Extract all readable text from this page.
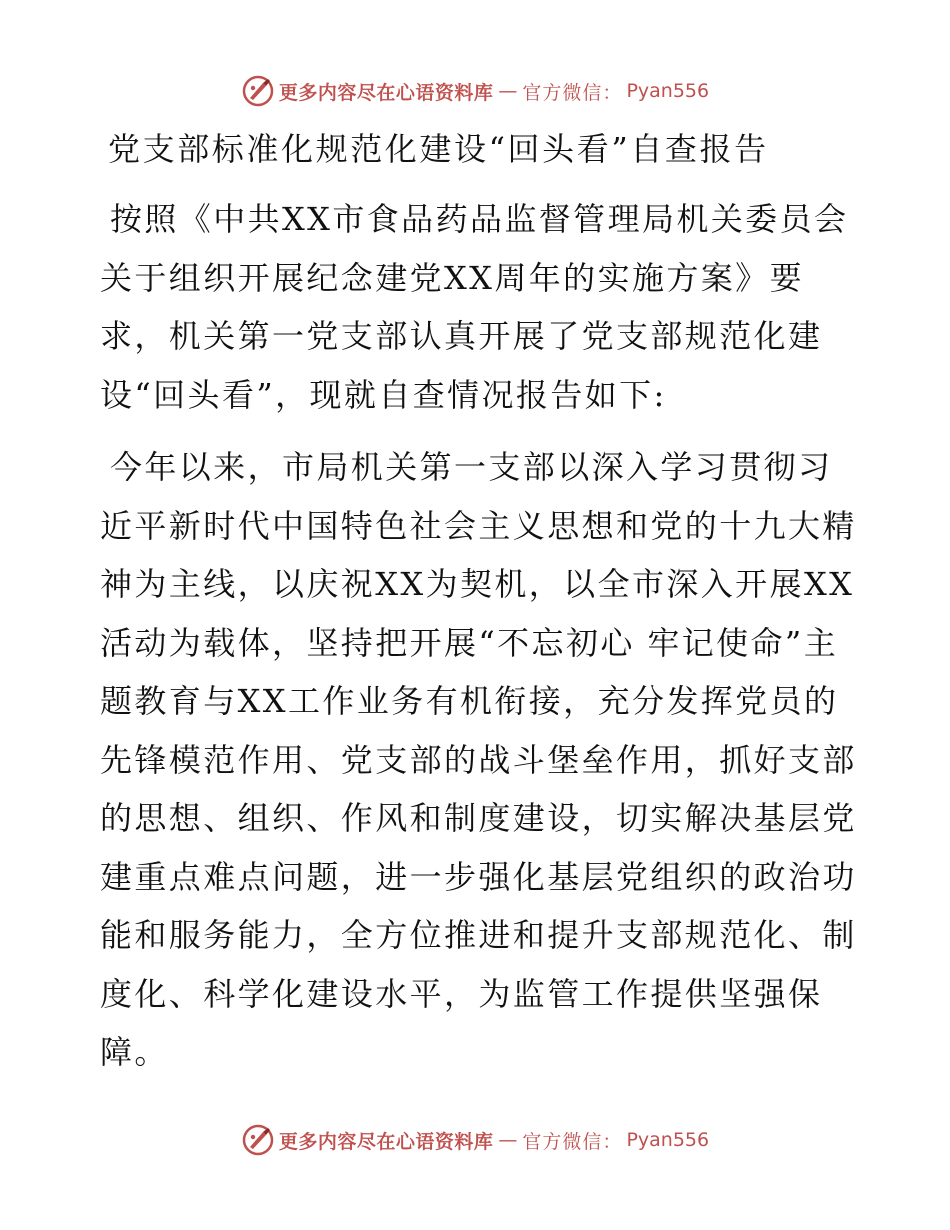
更多内容尽在心语资料库 — 官方微信： Pyan556
党支部标准化规范化建设“回头看”自查报告

按照《中共XX市食品药品监督管理局机关委员会关于组织开展纪念建党XX周年的实施方案》要求，机关第一党支部认真开展了党支部规范化建设“回头看”，现就自查情况报告如下:

今年以来，市局机关第一支部以深入学习贯彻习近平新时代中国特色社会主义思想和党的十九大精神为主线，以庆祝XX为契机，以全市深入开展XX活动为载体，坚持把开展“不忘初心 牢记使命”主题教育与XX工作业务有机衔接，充分发挥党员的先锋模范作用、党支部的战斗堡垒作用，抓好支部的思想、组织、作风和制度建设，切实解决基层党建重点难点问题，进一步强化基层党组织的政治功能和服务能力，全方位推进和提升支部规范化、制度化、科学化建设水平，为监管工作提供坚强保障。

更多内容尽在心语资料库 — 官方微信： Pyan556
